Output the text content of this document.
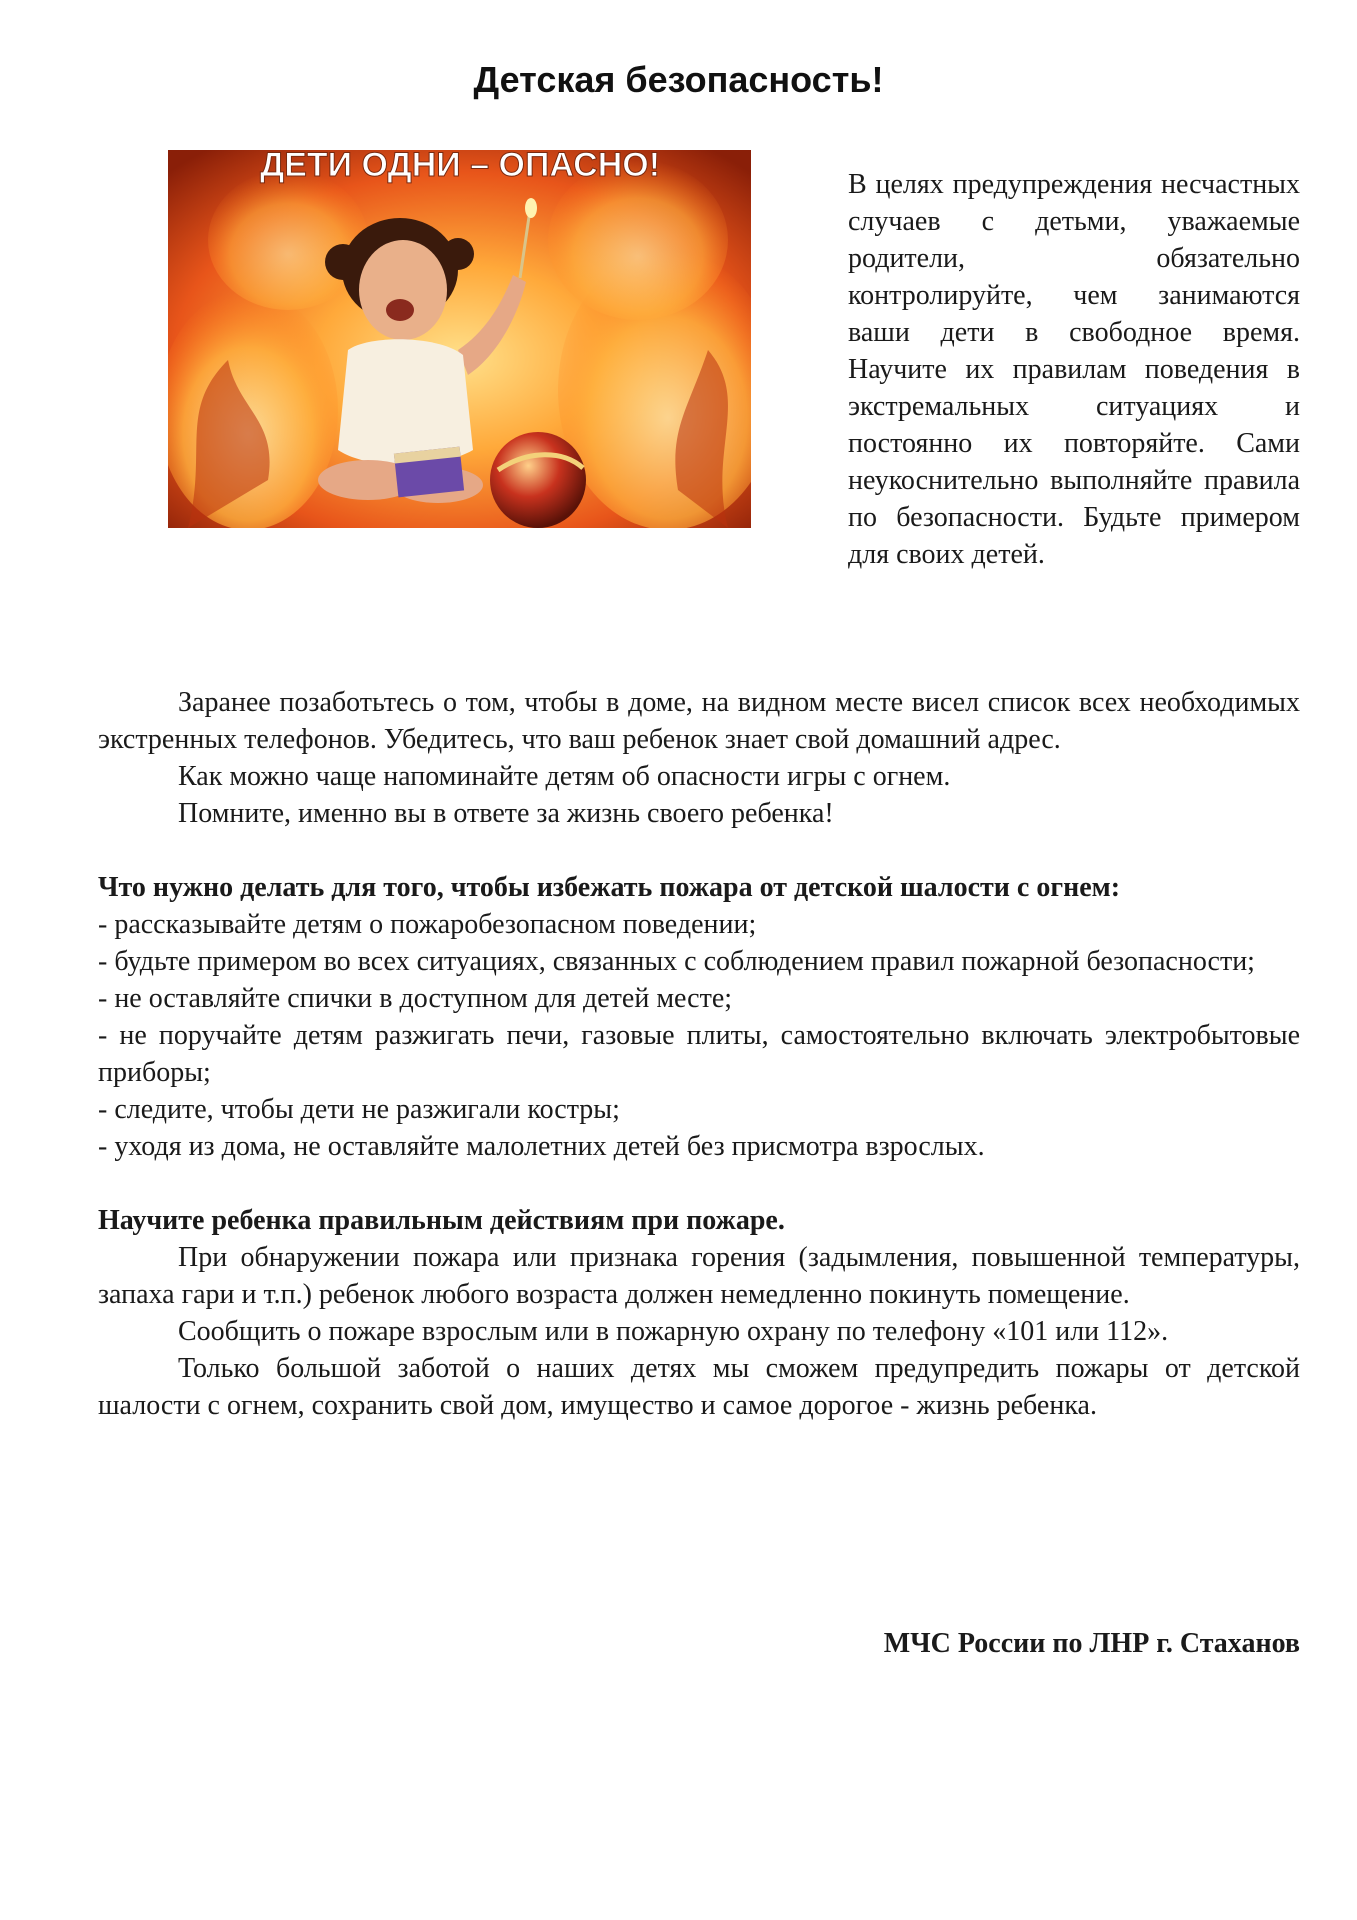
Детская безопасность!
ДЕТИ ОДНИ – ОПАСНО!

В целях предупреждения несчастных случаев с детьми, уважаемые родители, обязательно контролируйте, чем занимаются ваши дети в свободное время. Научите их правилам поведения в экстремальных ситуациях и постоянно их повторяйте. Сами неукоснительно выполняйте правила по безопасности. Будьте примером для своих детей.

Заранее позаботьтесь о том, чтобы в доме, на видном месте висел список всех необходимых экстренных телефонов. Убедитесь, что ваш ребенок знает свой домашний адрес.

Как можно чаще напоминайте детям об опасности игры с огнем.

Помните, именно вы в ответе за жизнь своего ребенка!

Что нужно делать для того, чтобы избежать пожара от детской шалости с огнем:

- рассказывайте детям о пожаробезопасном поведении;

- будьте примером во всех ситуациях, связанных с соблюдением правил пожарной безопасности;

- не оставляйте спички в доступном для детей месте;

- не поручайте детям разжигать печи, газовые плиты, самостоятельно включать электробытовые приборы;

- следите, чтобы дети не разжигали костры;

- уходя из дома, не оставляйте малолетних детей без присмотра взрослых.

Научите ребенка правильным действиям при пожаре.

При обнаружении пожара или признака горения (задымления, повышенной температуры, запаха гари и т.п.) ребенок любого возраста должен немедленно покинуть помещение.

Сообщить о пожаре взрослым или в пожарную охрану по телефону «101 или 112».

Только большой заботой о наших детях мы сможем предупредить пожары от детской шалости с огнем, сохранить свой дом, имущество и самое дорогое - жизнь ребенка.

МЧС России по ЛНР г. Стаханов
